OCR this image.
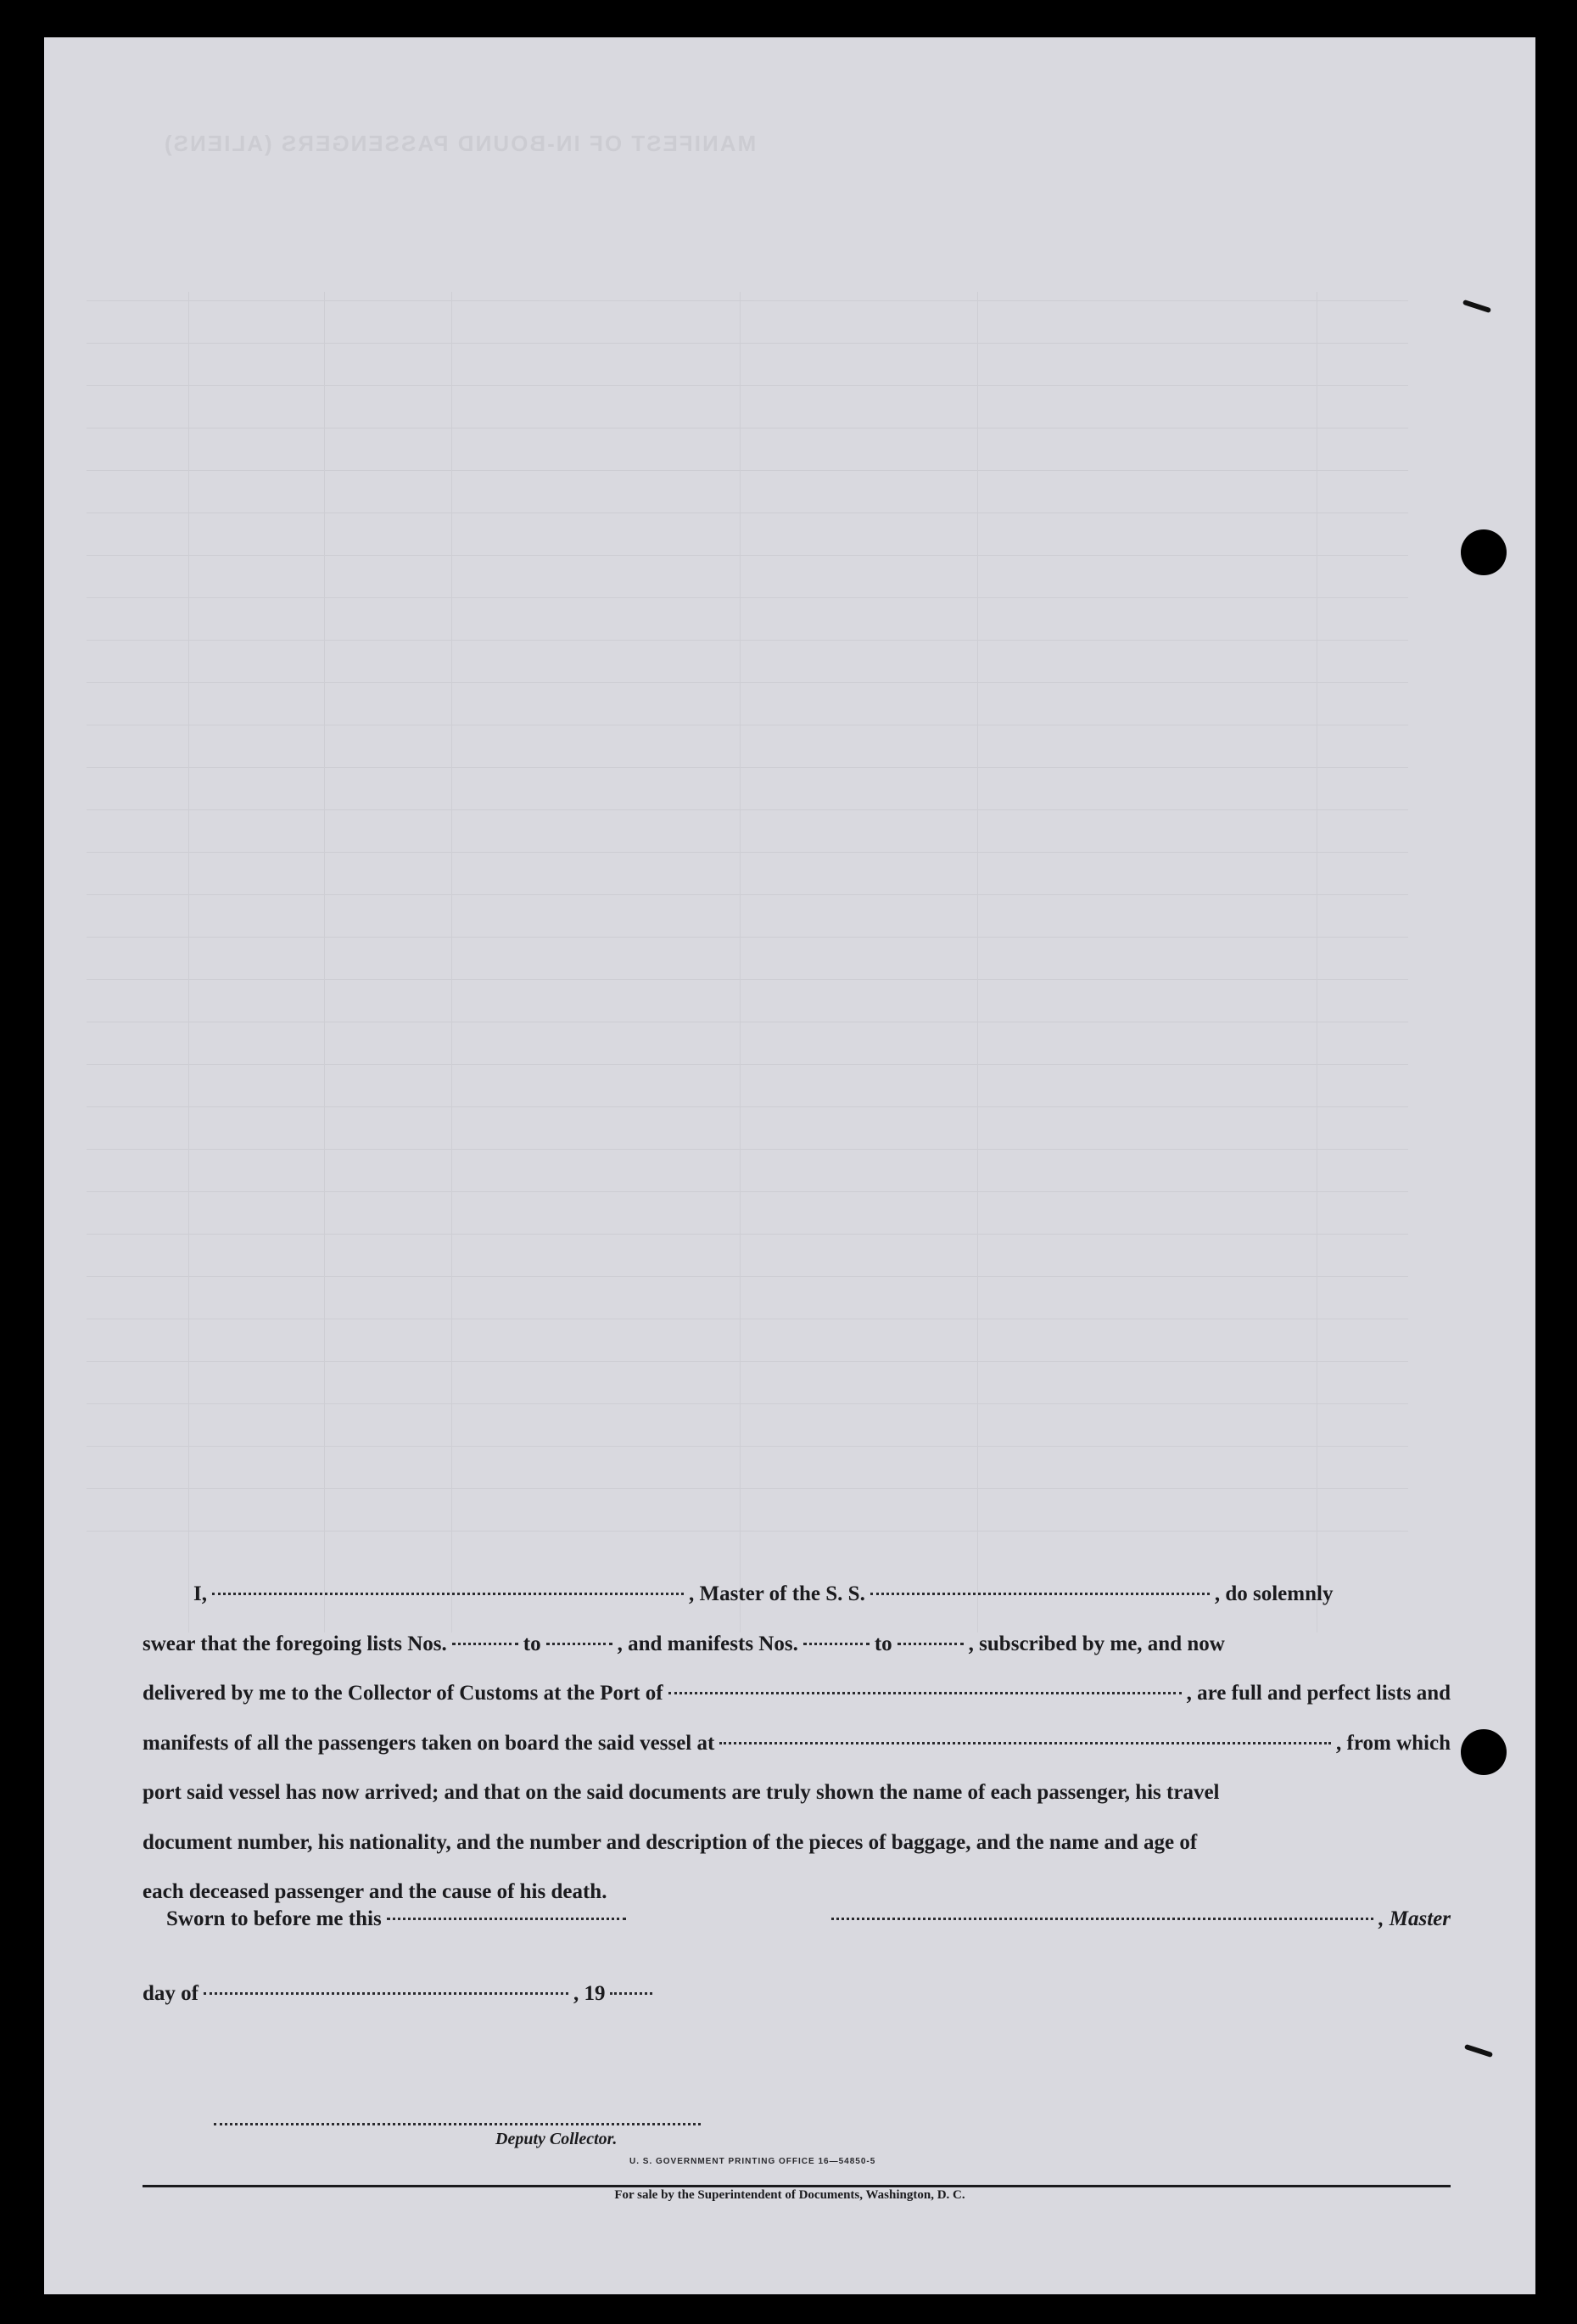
MANIFEST OF IN-BOUND PASSENGERS (ALIENS)
I,	, Master of the S. S.	, do solemnly
swear that the foregoing lists Nos.	to	, and manifests Nos.	to	, subscribed by me, and now
delivered by me to the Collector of Customs at the Port of	, are full and perfect lists and
manifests of all the passengers taken on board the said vessel at	, from which
port said vessel has now arrived; and that on the said documents are truly shown the name of each passenger, his travel
document number, his nationality, and the number and description of the pieces of baggage, and the name and age of
each deceased passenger and the cause of his death.
Sworn to before me this	, Master
day of	, 19
Deputy Collector.
U. S. GOVERNMENT PRINTING OFFICE 16—54850-5
For sale by the Superintendent of Documents, Washington, D. C.
